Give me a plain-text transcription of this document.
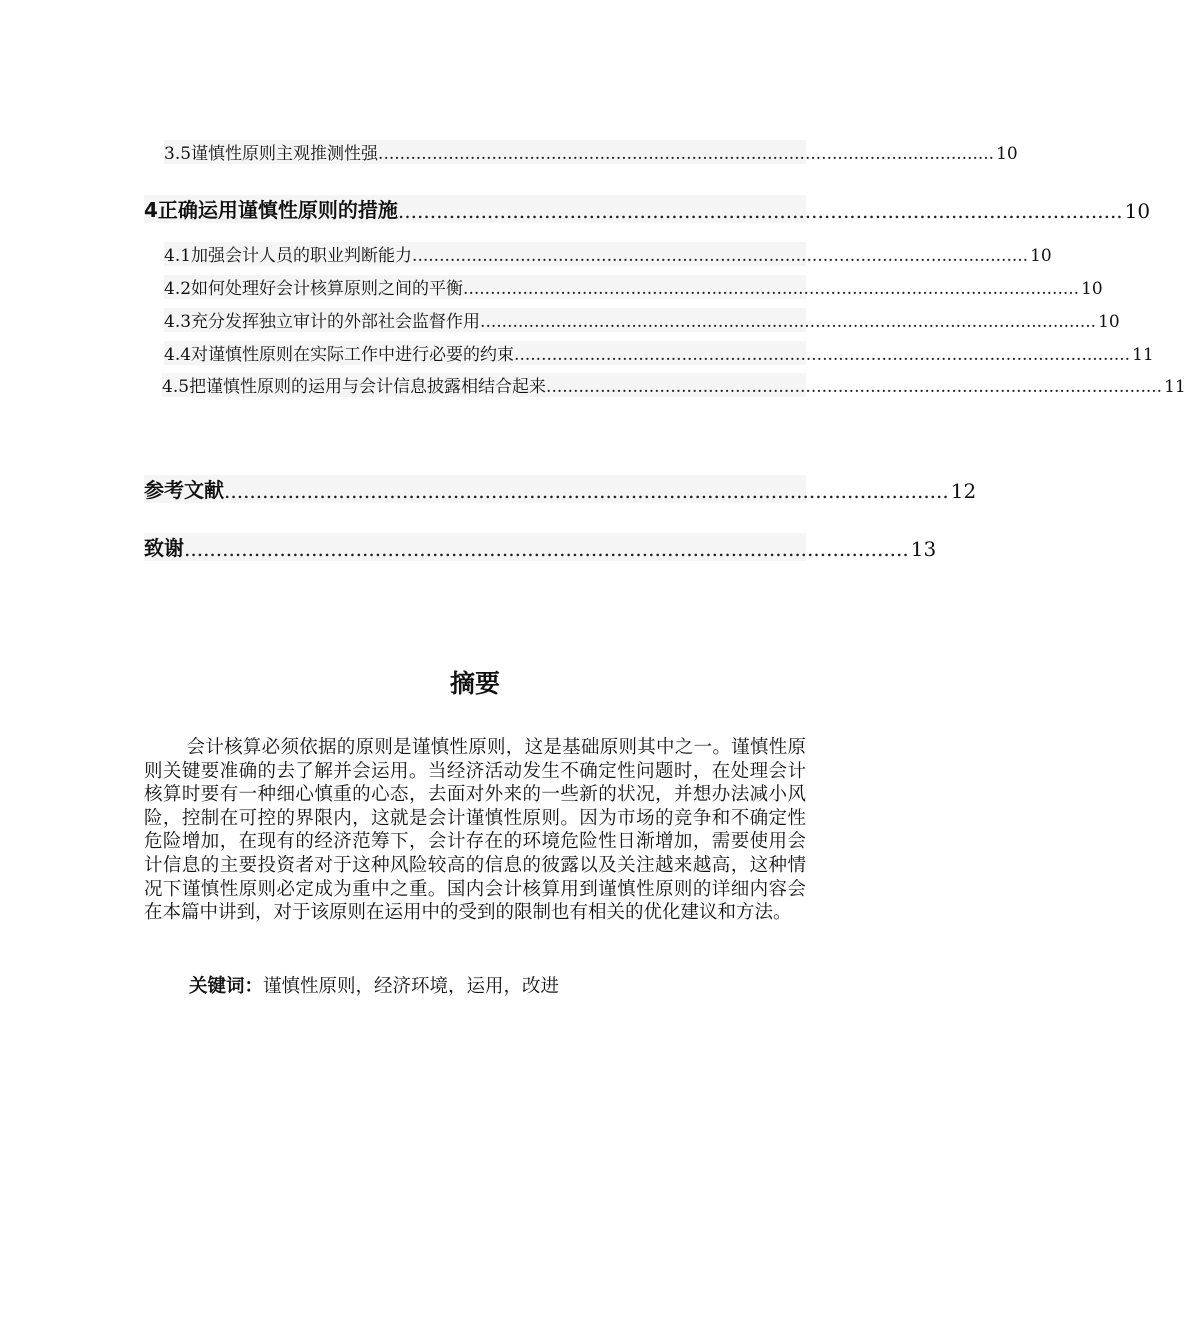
3.5谨慎性原则主观推测性强 .................................................................................................................. 10
4正确运用谨慎性原则的措施 .................................................................................................................. 10
4.1加强会计人员的职业判断能力 .................................................................................................................. 10
4.2如何处理好会计核算原则之间的平衡 .................................................................................................................. 10
4.3充分发挥独立审计的外部社会监督作用 .................................................................................................................. 10
4.4对谨慎性原则在实际工作中进行必要的约束 .................................................................................................................. 11
4.5把谨慎性原则的运用与会计信息披露相结合起来 .................................................................................................................. 11
参考文献 .................................................................................................................. 12
致谢 .................................................................................................................. 13
摘要
会计核算必须依据的原则是谨慎性原则，这是基础原则其中之一。谨慎性原则关键要准确的去了解并会运用。当经济活动发生不确定性问题时，在处理会计核算时要有一种细心慎重的心态，去面对外来的一些新的状况，并想办法减小风险，控制在可控的界限内，这就是会计谨慎性原则。因为市场的竞争和不确定性危险增加，在现有的经济范筹下，会计存在的环境危险性日渐增加，需要使用会计信息的主要投资者对于这种风险较高的信息的彼露以及关注越来越高，这种情况下谨慎性原则必定成为重中之重。国内会计核算用到谨慎性原则的详细内容会在本篇中讲到，对于该原则在运用中的受到的限制也有相关的优化建议和方法。
关键词：谨慎性原则，经济环境，运用，改进
